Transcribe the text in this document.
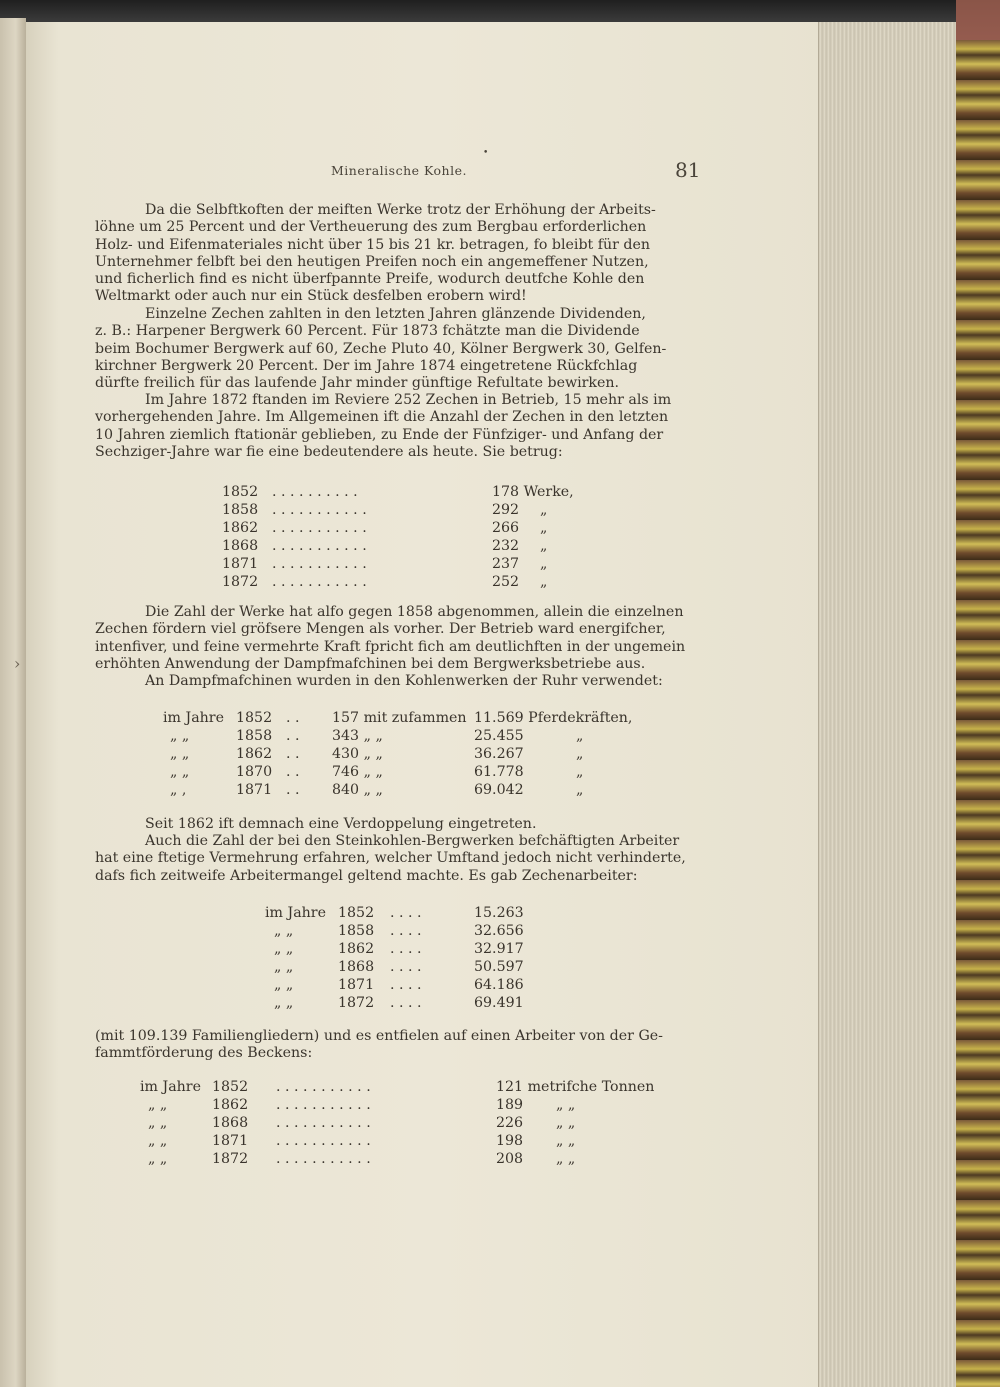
›
•
Mineralische Kohle.	81
Da die Selbftkoften der meiften Werke trotz der Erhöhung der Arbeits-
löhne um 25 Percent und der Vertheuerung des zum Bergbau erforderlichen
Holz- und Eifenmateriales nicht über 15 bis 21 kr. betragen, fo bleibt für den
Unternehmer felbft bei den heutigen Preifen noch ein angemeffener Nutzen,
und ficherlich find es nicht überfpannte Preife, wodurch deutfche Kohle den
Weltmarkt oder auch nur ein Stück desfelben erobern wird!
Einzelne Zechen zahlten in den letzten Jahren glänzende Dividenden,
z. B.: Harpener Bergwerk 60 Percent. Für 1873 fchätzte man die Dividende
beim Bochumer Bergwerk auf 60, Zeche Pluto 40, Kölner Bergwerk 30, Gelfen-
kirchner Bergwerk 20 Percent. Der im Jahre 1874 eingetretene Rückfchlag
dürfte freilich für das laufende Jahr minder günftige Refultate bewirken.
Im Jahre 1872 ftanden im Reviere 252 Zechen in Betrieb, 15 mehr als im
vorhergehenden Jahre. Im Allgemeinen ift die Anzahl der Zechen in den letzten
10 Jahren ziemlich ftationär geblieben, zu Ende der Fünfziger- und Anfang der
Sechziger-Jahre war fie eine bedeutendere als heute. Sie betrug:
1852 . . . . . . . . . .	178 Werke,
1858 . . . . . . . . . . .	292 „
1862 . . . . . . . . . . .	266 „
1868 . . . . . . . . . . .	232 „
1871 . . . . . . . . . . .	237 „
1872 . . . . . . . . . . .	252 „
Die Zahl der Werke hat alfo gegen 1858 abgenommen, allein die einzelnen
Zechen fördern viel gröfsere Mengen als vorher. Der Betrieb ward energifcher,
intenfiver, und feine vermehrte Kraft fpricht fich am deutlichften in der ungemein
erhöhten Anwendung der Dampfmafchinen bei dem Bergwerksbetriebe aus.
An Dampfmafchinen wurden in den Kohlenwerken der Ruhr verwendet:
im Jahre 1852 . . 157 mit zufammen 11.569 Pferdekräften,
„ „	1858 . . 343 „ „	25.455	„
„ „	1862 . . 430 „ „	36.267	„
„ „	1870 . . 746 „ „	61.778	„
„ ,	1871 . . 840 „ „	69.042	„
Seit 1862 ift demnach eine Verdoppelung eingetreten.
Auch die Zahl der bei den Steinkohlen-Bergwerken befchäftigten Arbeiter
hat eine ftetige Vermehrung erfahren, welcher Umftand jedoch nicht verhinderte,
dafs fich zeitweife Arbeitermangel geltend machte. Es gab Zechenarbeiter:
im Jahre 1852 . . . .	15.263
„ „	1858 . . . .	32.656
„ „	1862 . . . .	32.917
„ „	1868 . . . .	50.597
„ „	1871 . . . .	64.186
„ „	1872 . . . .	69.491
(mit 109.139 Familiengliedern) und es entfielen auf einen Arbeiter von der Ge-
fammtförderung des Beckens:
im Jahre 1852 . . . . . . . . . . .	121 metrifche Tonnen
„ „	1862 . . . . . . . . . . .	189 „ „
„ „	1868 . . . . . . . . . . .	226 „ „
„ „	1871 . . . . . . . . . . .	198 „ „
„ „	1872 . . . . . . . . . . .	208 „ „
